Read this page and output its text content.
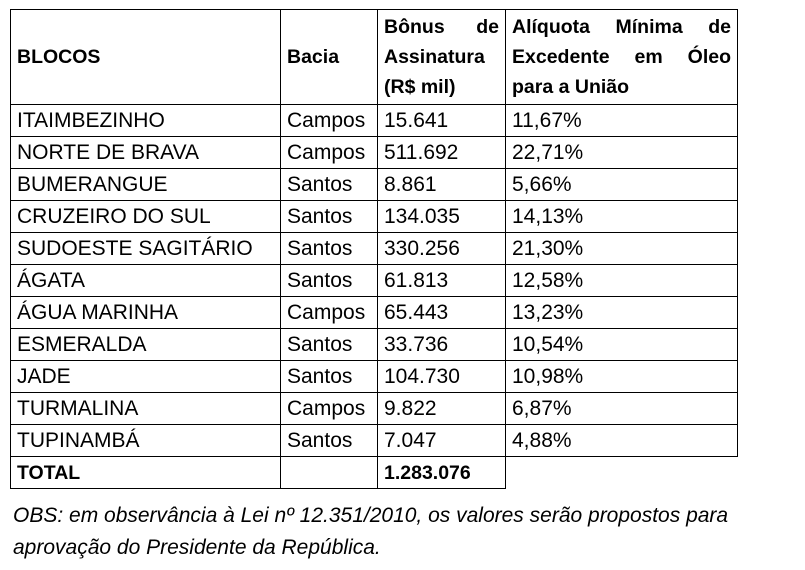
BLOCOS	Bacia	Bônus de Assinatura (R$ mil)	Alíquota Mínima de Excedente em Óleo para a União
ITAIMBEZINHO	Campos	15.641	11,67%
NORTE DE BRAVA	Campos	511.692	22,71%
BUMERANGUE	Santos	8.861	5,66%
CRUZEIRO DO SUL	Santos	134.035	14,13%
SUDOESTE SAGITÁRIO	Santos	330.256	21,30%
ÁGATA	Santos	61.813	12,58%
ÁGUA MARINHA	Campos	65.443	13,23%
ESMERALDA	Santos	33.736	10,54%
JADE	Santos	104.730	10,98%
TURMALINA	Campos	9.822	6,87%
TUPINAMBÁ	Santos	7.047	4,88%
TOTAL		1.283.076	
OBS: em observância à Lei nº 12.351/2010, os valores serão propostos para aprovação do Presidente da República.
